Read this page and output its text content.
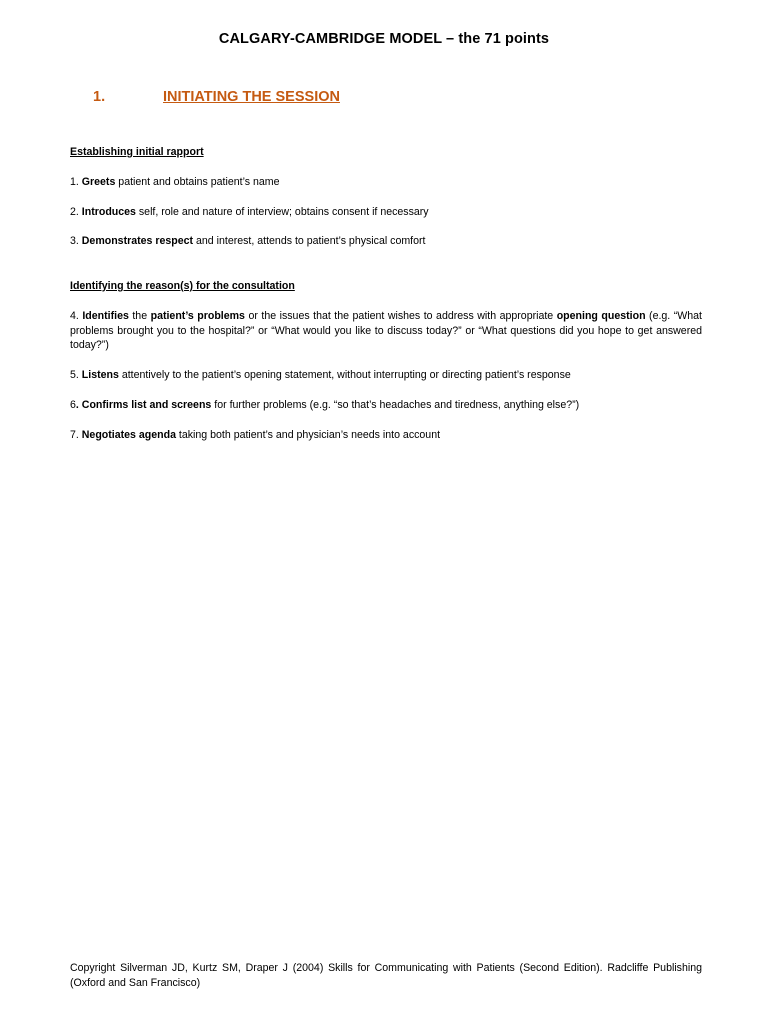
CALGARY-CAMBRIDGE MODEL – the 71 points
1.	INITIATING THE SESSION
Establishing initial rapport
1. Greets patient and obtains patient’s name
2. Introduces self, role and nature of interview; obtains consent if necessary
3. Demonstrates respect and interest, attends to patient’s physical comfort
Identifying the reason(s) for the consultation
4. Identifies the patient’s problems or the issues that the patient wishes to address with appropriate opening question (e.g. “What problems brought you to the hospital?” or “What would you like to discuss today?” or “What questions did you hope to get answered today?”)
5. Listens attentively to the patient’s opening statement, without interrupting or directing patient’s response
6. Confirms list and screens for further problems (e.g. “so that’s headaches and tiredness, anything else?”)
7. Negotiates agenda taking both patient’s and physician’s needs into account
Copyright Silverman JD, Kurtz SM, Draper J (2004) Skills for Communicating with Patients (Second Edition). Radcliffe Publishing (Oxford and San Francisco)
